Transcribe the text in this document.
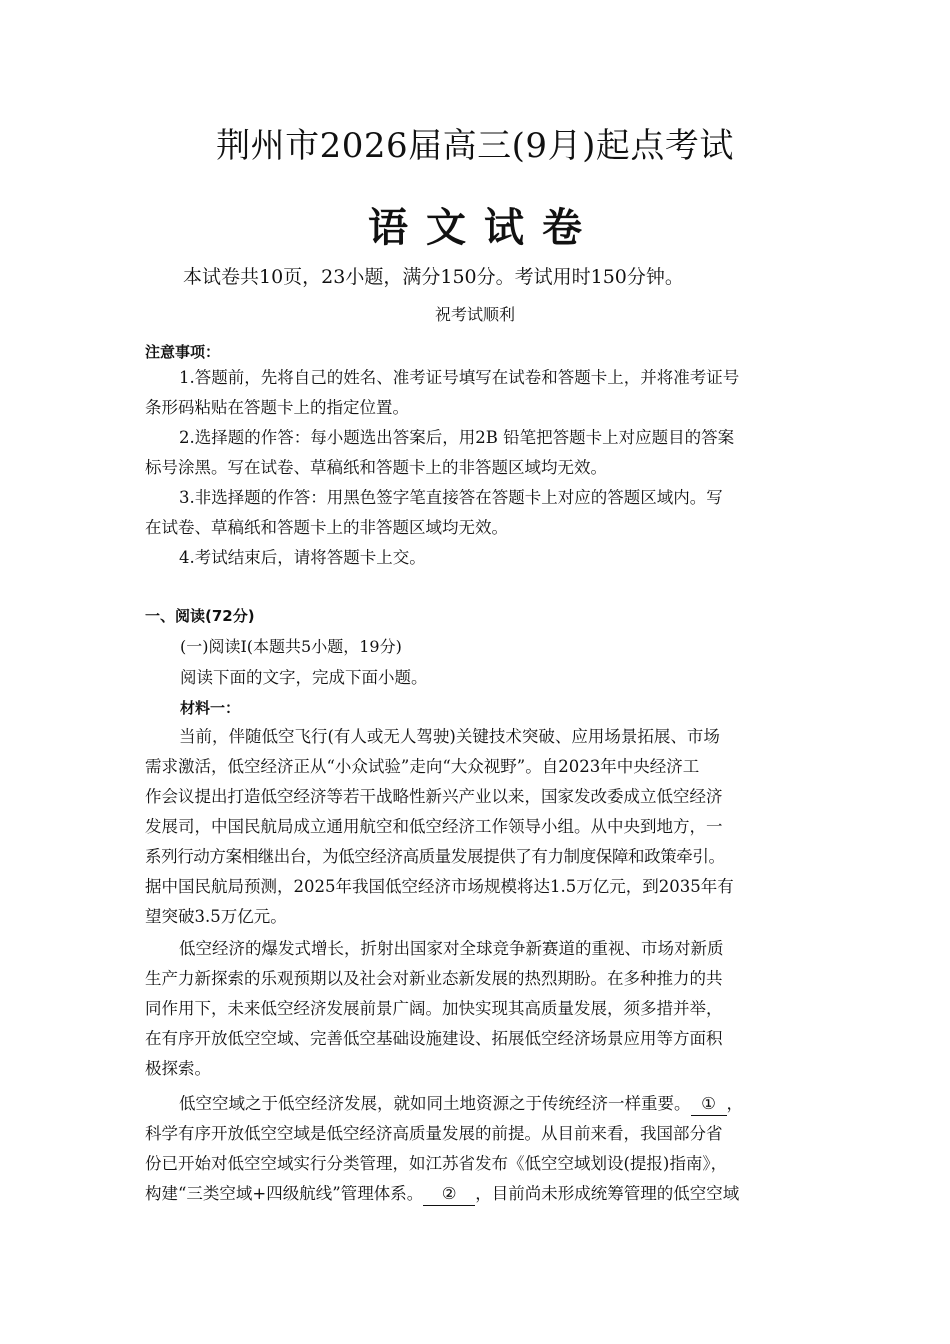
荆州市2026届高三(9月)起点考试
语文试卷
本试卷共10页，23小题，满分150分。考试用时150分钟。
祝考试顺利
注意事项：
1.答题前，先将自己的姓名、准考证号填写在试卷和答题卡上，并将准考证号
条形码粘贴在答题卡上的指定位置。
2.选择题的作答：每小题选出答案后，用2B 铅笔把答题卡上对应题目的答案
标号涂黑。写在试卷、草稿纸和答题卡上的非答题区域均无效。
3.非选择题的作答：用黑色签字笔直接答在答题卡上对应的答题区域内。写
在试卷、草稿纸和答题卡上的非答题区域均无效。
4.考试结束后，请将答题卡上交。
一、阅读(72分)
(一)阅读Ⅰ(本题共5小题，19分)
阅读下面的文字，完成下面小题。
材料一：
当前，伴随低空飞行(有人或无人驾驶)关键技术突破、应用场景拓展、市场
需求激活，低空经济正从“小众试验”走向“大众视野”。自2023年中央经济工
作会议提出打造低空经济等若干战略性新兴产业以来，国家发改委成立低空经济
发展司，中国民航局成立通用航空和低空经济工作领导小组。从中央到地方，一
系列行动方案相继出台，为低空经济高质量发展提供了有力制度保障和政策牵引。
据中国民航局预测，2025年我国低空经济市场规模将达1.5万亿元，到2035年有
望突破3.5万亿元。
低空经济的爆发式增长，折射出国家对全球竞争新赛道的重视、市场对新质
生产力新探索的乐观预期以及社会对新业态新发展的热烈期盼。在多种推力的共
同作用下，未来低空经济发展前景广阔。加快实现其高质量发展，须多措并举，
在有序开放低空空域、完善低空基础设施建设、拓展低空经济场景应用等方面积
极探索。
低空空域之于低空经济发展，就如同土地资源之于传统经济一样重要。 ① ，
科学有序开放低空空域是低空经济高质量发展的前提。从目前来看，我国部分省
份已开始对低空空域实行分类管理，如江苏省发布《低空空域划设(提报)指南》，
构建“三类空域+四级航线”管理体系。 ② ，目前尚未形成统筹管理的低空空域
